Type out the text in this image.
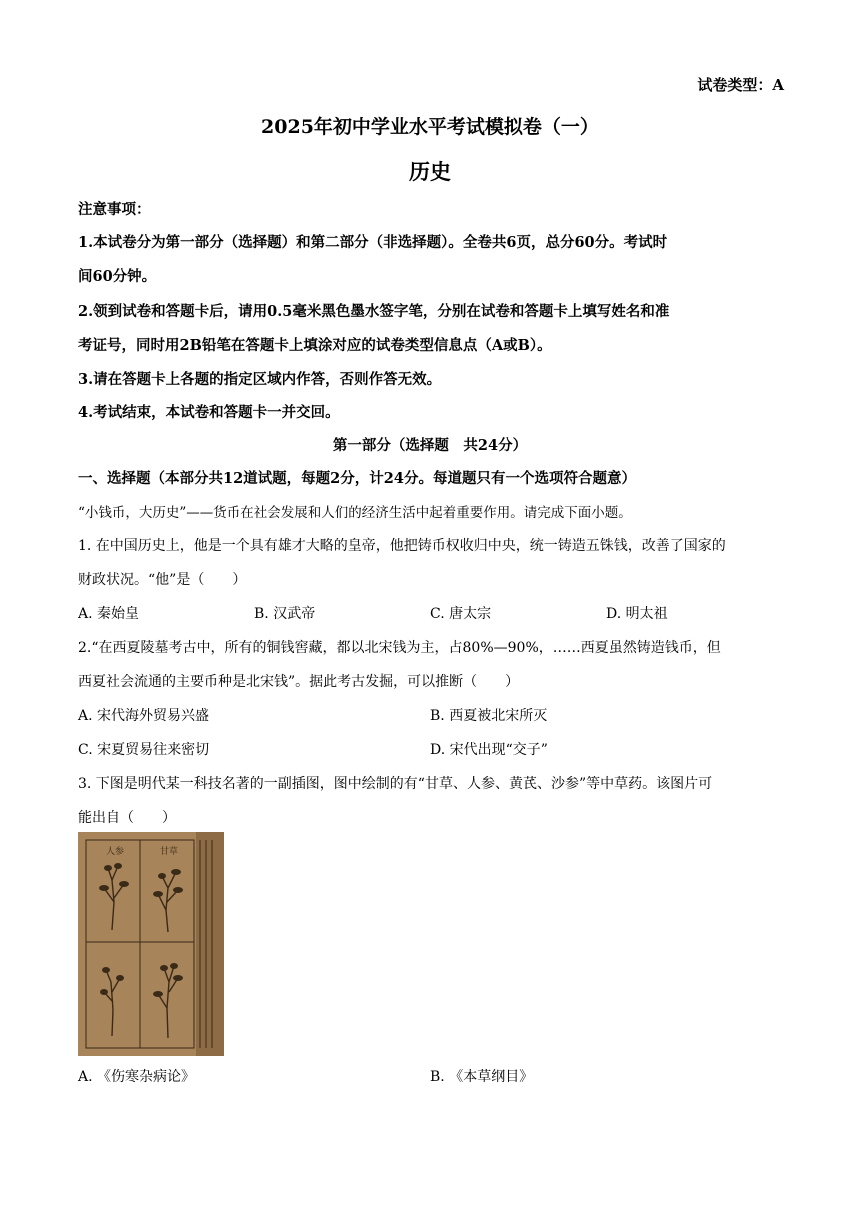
试卷类型：A
2025年初中学业水平考试模拟卷（一）
历史
注意事项：
1.本试卷分为第一部分（选择题）和第二部分（非选择题）。全卷共6页，总分60分。考试时
间60分钟。
2.领到试卷和答题卡后，请用0.5毫米黑色墨水签字笔，分别在试卷和答题卡上填写姓名和准
考证号，同时用2B铅笔在答题卡上填涂对应的试卷类型信息点（A或B）。
3.请在答题卡上各题的指定区域内作答，否则作答无效。
4.考试结束，本试卷和答题卡一并交回。
第一部分（选择题　共24分）
一、选择题（本部分共12道试题，每题2分，计24分。每道题只有一个选项符合题意）
“小钱币，大历史”——货币在社会发展和人们的经济生活中起着重要作用。请完成下面小题。
1. 在中国历史上，他是一个具有雄才大略的皇帝，他把铸币权收归中央，统一铸造五铢钱，改善了国家的
财政状况。“他”是（　　）
A. 秦始皇	B. 汉武帝	C. 唐太宗	D. 明太祖
2.“在西夏陵墓考古中，所有的铜钱窖藏，都以北宋钱为主，占80%—90%，……西夏虽然铸造钱币，但
西夏社会流通的主要币种是北宋钱”。据此考古发掘，可以推断（　　）
A. 宋代海外贸易兴盛	B. 西夏被北宋所灭
C. 宋夏贸易往来密切	D. 宋代出现“交子”
3. 下图是明代某一科技名著的一副插图，图中绘制的有“甘草、人参、黄芪、沙参”等中草药。该图片可
能出自（　　）
人参	甘草
A. 《伤寒杂病论》	B. 《本草纲目》
